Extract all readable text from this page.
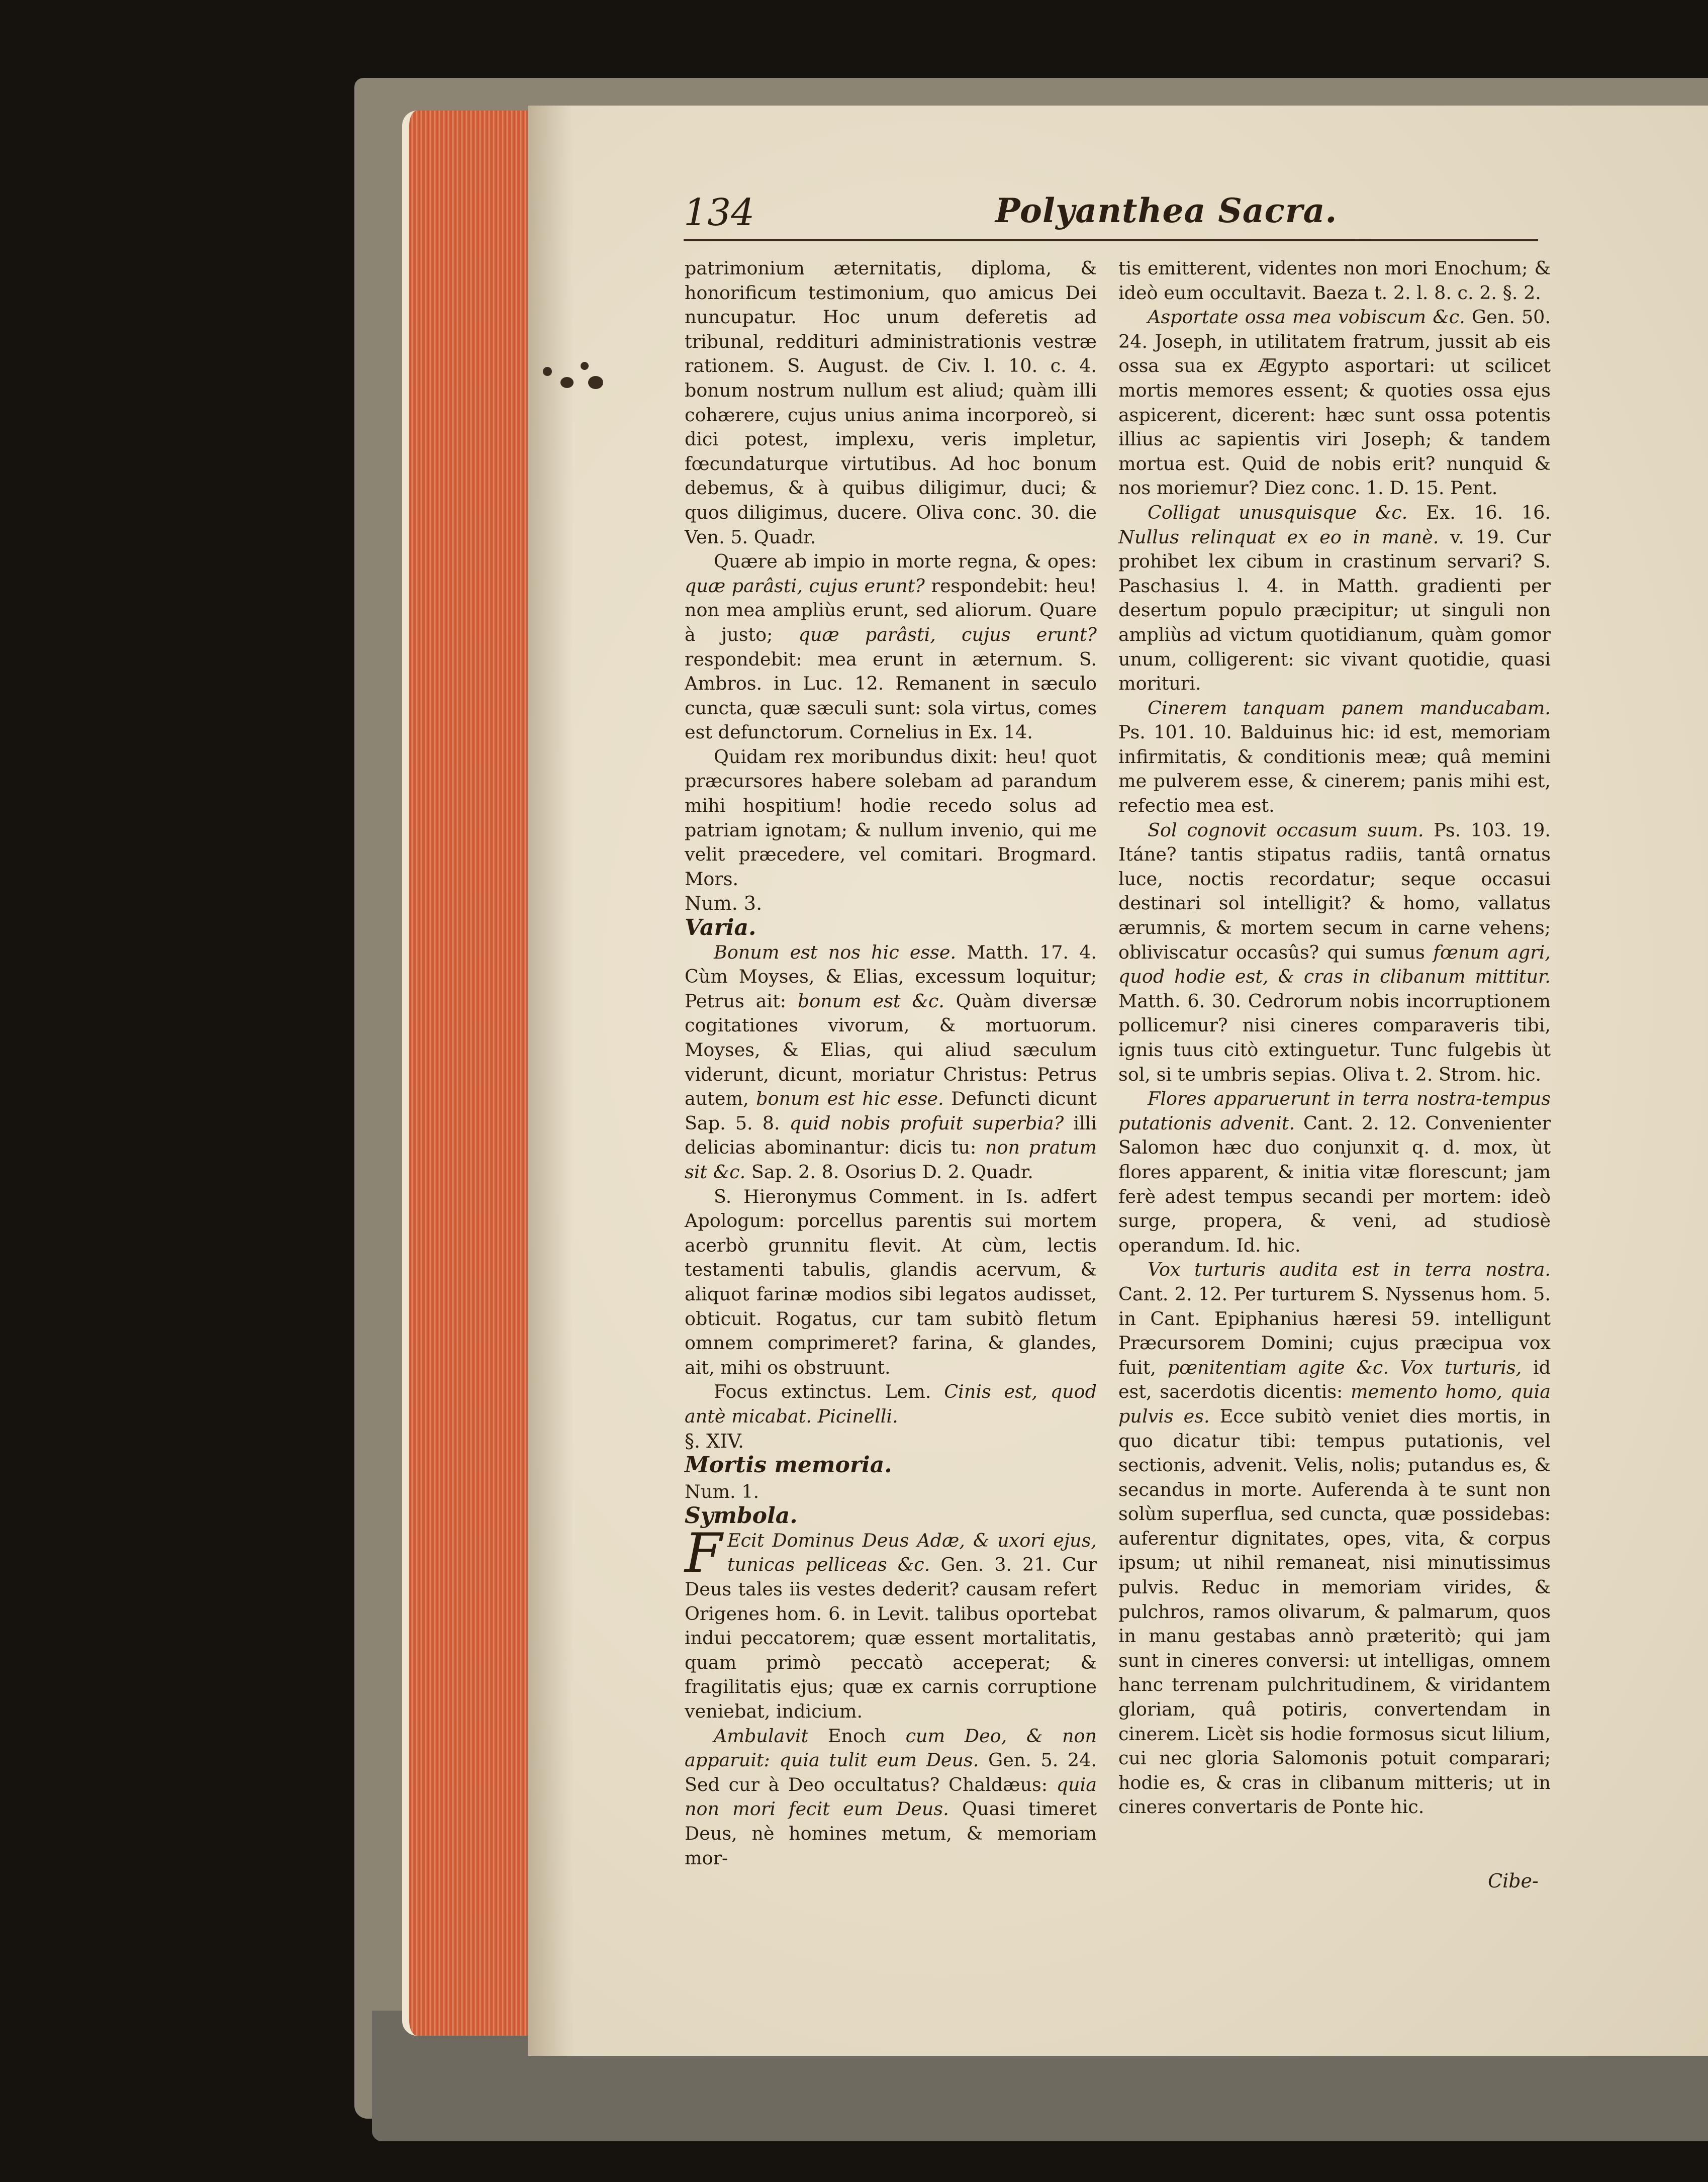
134	Polyanthea Sacra.

patrimonium æternitatis, diploma, & honorificum testimonium, quo amicus Dei nuncupatur. Hoc unum deferetis ad tribunal, redditurі administrationis vestræ rationem. S. August. de Civ. l. 10. c. 4. bonum nostrum nullum est aliud; quàm illi cohærere, cujus unius anima incorporeò, si dici potest, implexu, veris impletur, fœcundaturque virtutibus. Ad hoc bonum debemus, & à quibus diligimur, duci; & quos diligimus, ducere. Oliva conc. 30. die Ven. 5. Quadr.

Quære ab impio in morte regna, & opes: quæ parâsti, cujus erunt? respondebit: heu! non mea ampliùs erunt, sed aliorum. Quare à justo; quæ parâsti, cujus erunt? respondebit: mea erunt in æternum. S. Ambros. in Luc. 12. Remanent in sæculo cuncta, quæ sæculi sunt: sola virtus, comes est defunctorum. Cornelius in Ex. 14.

Quidam rex moribundus dixit: heu! quot præcursores habere solebam ad parandum mihi hospitium! hodie recedo solus ad patriam ignotam; & nullum invenio, qui me velit præcedere, vel comitari. Brogmard. Mors.

Num. 3.

Varia.

Bonum est nos hic esse. Matth. 17. 4. Cùm Moyses, & Elias, excessum loquitur; Petrus ait: bonum est &c. Quàm diversæ cogitationes vivorum, & mortuorum. Moyses, & Elias, qui aliud sæculum viderunt, dicunt, moriatur Christus: Petrus autem, bonum est hic esse. Defuncti dicunt Sap. 5. 8. quid nobis profuit superbia? illi delicias abominantur: dicis tu: non pratum sit &c. Sap. 2. 8. Osorius D. 2. Quadr.

S. Hieronymus Comment. in Is. adfert Apologum: porcellus parentis sui mortem acerbò grunnitu flevit. At cùm, lectis testamenti tabulis, glandis acervum, & aliquot farinæ modios sibi legatos audisset, obticuit. Rogatus, cur tam subitò fletum omnem comprimeret? farina, & glandes, ait, mihi os obstruunt.

Focus extinctus. Lem. Cinis est, quod antè micabat. Picinelli.

§. XIV.

Mortis memoria.

Num. 1.

Symbola.

F Ecit Dominus Deus Adæ, & uxori ejus, tunicas pelliceas &c. Gen. 3. 21. Cur Deus tales iis vestes dederit? causam refert Origenes hom. 6. in Levit. talibus oportebat indui peccatorem; quæ essent mortalitatis, quam primò peccatò acceperat; & fragilitatis ejus; quæ ex carnis corruptione veniebat, indicium.

Ambulavit Enoch cum Deo, & non apparuit: quia tulit eum Deus. Gen. 5. 24. Sed cur à Deo occultatus? Chaldæus: quia non mori fecit eum Deus. Quasi timeret Deus, nè homines metum, & memoriam mor-

tis emitterent, videntes non mori Enochum; & ideò eum occultavit. Baeza t. 2. l. 8. c. 2. §. 2.

Asportate ossa mea vobiscum &c. Gen. 50. 24. Joseph, in utilitatem fratrum, jussit ab eis ossa sua ex Ægypto asportari: ut scilicet mortis memores essent; & quoties ossa ejus aspicerent, dicerent: hæc sunt ossa potentis illius ac sapientis viri Joseph; & tandem mortua est. Quid de nobis erit? nunquid & nos moriemur? Diez conc. 1. D. 15. Pent.

Colligat unusquisque &c. Ex. 16. 16. Nullus relinquat ex eo in manè. v. 19. Cur prohibet lex cibum in crastinum servari? S. Paschasius l. 4. in Matth. gradienti per desertum populo præcipitur; ut singuli non ampliùs ad victum quotidianum, quàm gomor unum, colligerent: sic vivant quotidie, quasi morituri.

Cinerem tanquam panem manducabam. Ps. 101. 10. Balduinus hic: id est, memoriam infirmitatis, & conditionis meæ; quâ memini me pulverem esse, & cinerem; panis mihi est, refectio mea est.

Sol cognovit occasum suum. Ps. 103. 19. Itáne? tantis stipatus radiis, tantâ ornatus luce, noctis recordatur; seque occasui destinari sol intelligit? & homo, vallatus ærumnis, & mortem secum in carne vehens; obliviscatur occasûs? qui sumus fœnum agri, quod hodie est, & cras in clibanum mittitur. Matth. 6. 30. Cedrorum nobis incorruptionem pollicemur? nisi cineres comparaveris tibi, ignis tuus citò extinguetur. Tunc fulgebis ùt sol, si te umbris sepias. Oliva t. 2. Strom. hic.

Flores apparuerunt in terra nostra-tempus putationis advenit. Cant. 2. 12. Convenienter Salomon hæc duo conjunxit q. d. mox, ùt flores apparent, & initia vitæ florescunt; jam ferè adest tempus secandi per mortem: ideò surge, propera, & veni, ad studiosè operandum. Id. hic.

Vox turturis audita est in terra nostra. Cant. 2. 12. Per turturem S. Nyssenus hom. 5. in Cant. Epiphanius hæresi 59. intelligunt Præcursorem Domini; cujus præcipua vox fuit, pœnitentiam agite &c. Vox turturis, id est, sacerdotis dicentis: memento homo, quia pulvis es. Ecce subitò veniet dies mortis, in quo dicatur tibi: tempus putationis, vel sectionis, advenit. Velis, nolis; putandus es, & secandus in morte. Auferenda à te sunt non solùm superflua, sed cuncta, quæ possidebas: auferentur dignitates, opes, vita, & corpus ipsum; ut nihil remaneat, nisi minutissimus pulvis. Reduc in memoriam virides, & pulchros, ramos olivarum, & palmarum, quos in manu gestabas annò præteritò; qui jam sunt in cineres conversi: ut intelligas, omnem hanc terrenam pulchritudinem, & viridantem gloriam, quâ potiris, convertendam in cinerem. Licèt sis hodie formosus sicut lilium, cui nec gloria Salomonis potuit comparari; hodie es, & cras in clibanum mitteris; ut in cineres convertaris de Ponte hic.

Cibe-
